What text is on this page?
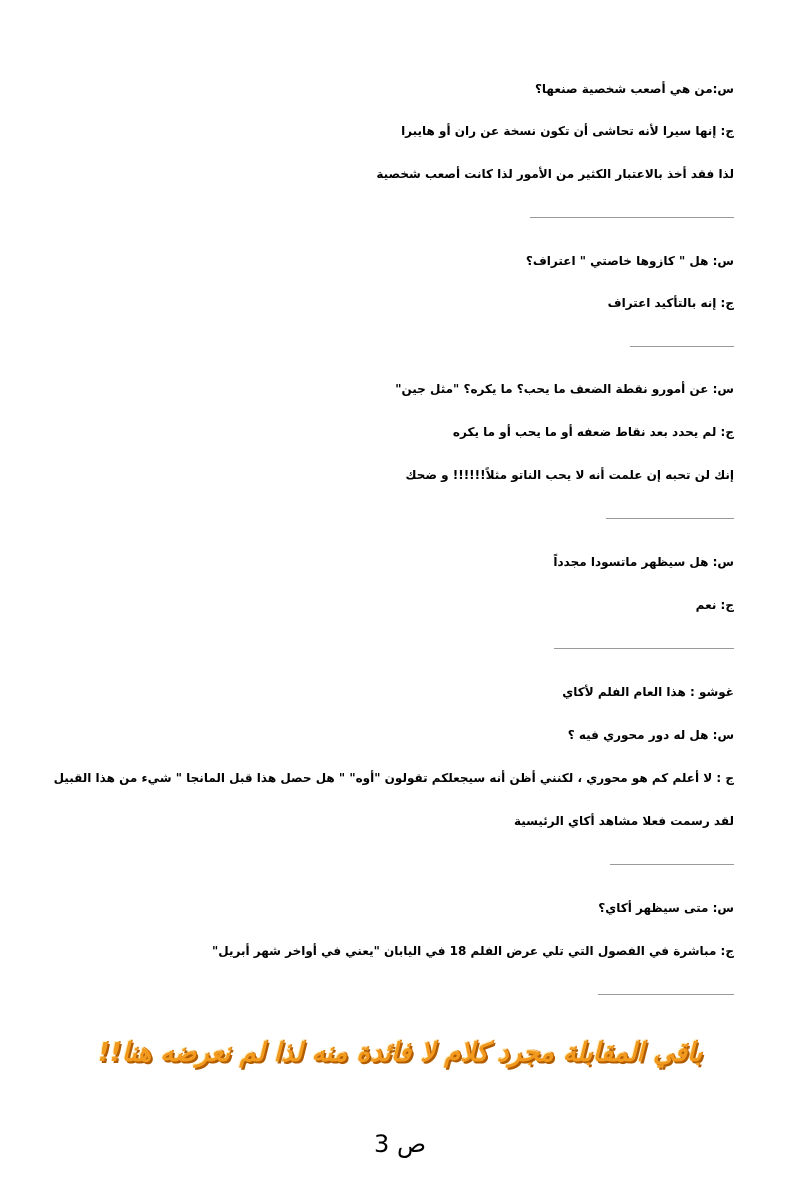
س:من هي أصعب شخصية صنعها؟
ج: إنها سيرا لأنه تحاشى أن تكون نسخة عن ران أو هايبرا
لذا فقد أخذ بالاعتبار الكثير من الأمور لذا كانت أصعب شخصية
س: هل " كازوها خاصتي " اعتراف؟
ج: إنه بالتأكيد اعتراف
س: عن أمورو نقطة الضعف ما يحب؟ ما يكره؟ "مثل جين"
ج: لم يحدد بعد نقاط ضعفه أو ما يحب أو ما يكره
إنك لن تحبه إن علمت أنه لا يحب الناتو مثلاً!!!!!! و ضحك
س: هل سيظهر ماتسودا مجدداً
ج: نعم
غوشو : هذا العام الفلم لأكاي
س: هل له دور محوري فيه ؟
ج : لا أعلم كم هو محوري ، لكنني أظن أنه سيجعلكم تقولون "أوه" " هل حصل هذا قبل المانجا " شيء من هذا القبيل
لقد رسمت فعلا مشاهد أكاي الرئيسية
س: متى سيظهر أكاي؟
ج: مباشرة في الفصول التي تلي عرض الفلم 18 في اليابان "يعني في أواخر شهر أبريل"
باقي المقابلة مجرد كلام لا فائدة منه لذا لم نعرضه هنا!!
ص 3
